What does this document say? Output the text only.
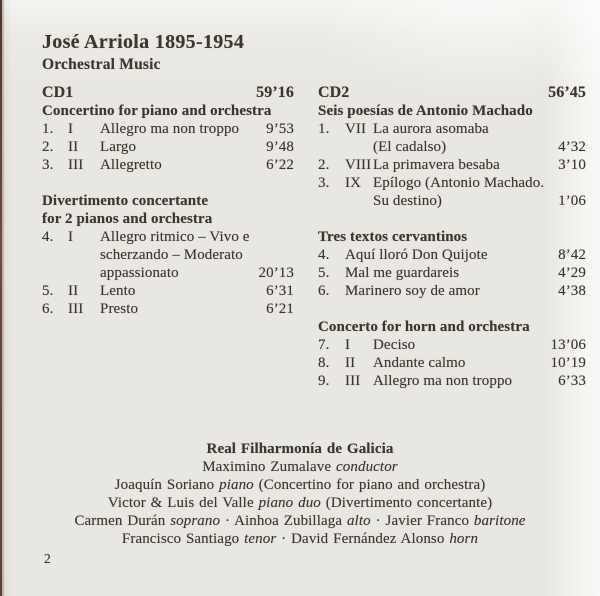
José Arriola 1895-1954
Orchestral Music
CD1	59’16
Concertino for piano and orchestra
1. I	Allegro ma non troppo	9’53
2. II	Largo	9’48
3. III	Allegretto	6’22
Divertimento concertante
for 2 pianos and orchestra
4. I	Allegro ritmico – Vivo e
scherzando – Moderato
appassionato	20’13
5. II	Lento	6’31
6. III	Presto	6’21
CD2	56’45
Seis poesías de Antonio Machado
1.	VII La aurora asomaba
(El cadalso)	4’32
2.	VIII La primavera besaba	3’10
3.	IX Epílogo (Antonio Machado.
Su destino)	1’06
Tres textos cervantinos
4.	Aquí lloró Don Quijote	8’42
5.	Mal me guardareis	4’29
6.	Marinero soy de amor	4’38
Concerto for horn and orchestra
7.	I	Deciso	13’06
8.	II	Andante calmo	10’19
9.	III Allegro ma non troppo	6’33
Real Filharmonía de Galicia
Maximino Zumalave conductor
Joaquín Soriano piano (Concertino for piano and orchestra)
Victor & Luis del Valle piano duo (Divertimento concertante)
Carmen Durán soprano · Ainhoa Zubillaga alto · Javier Franco baritone
Francisco Santiago tenor · David Fernández Alonso horn
2
